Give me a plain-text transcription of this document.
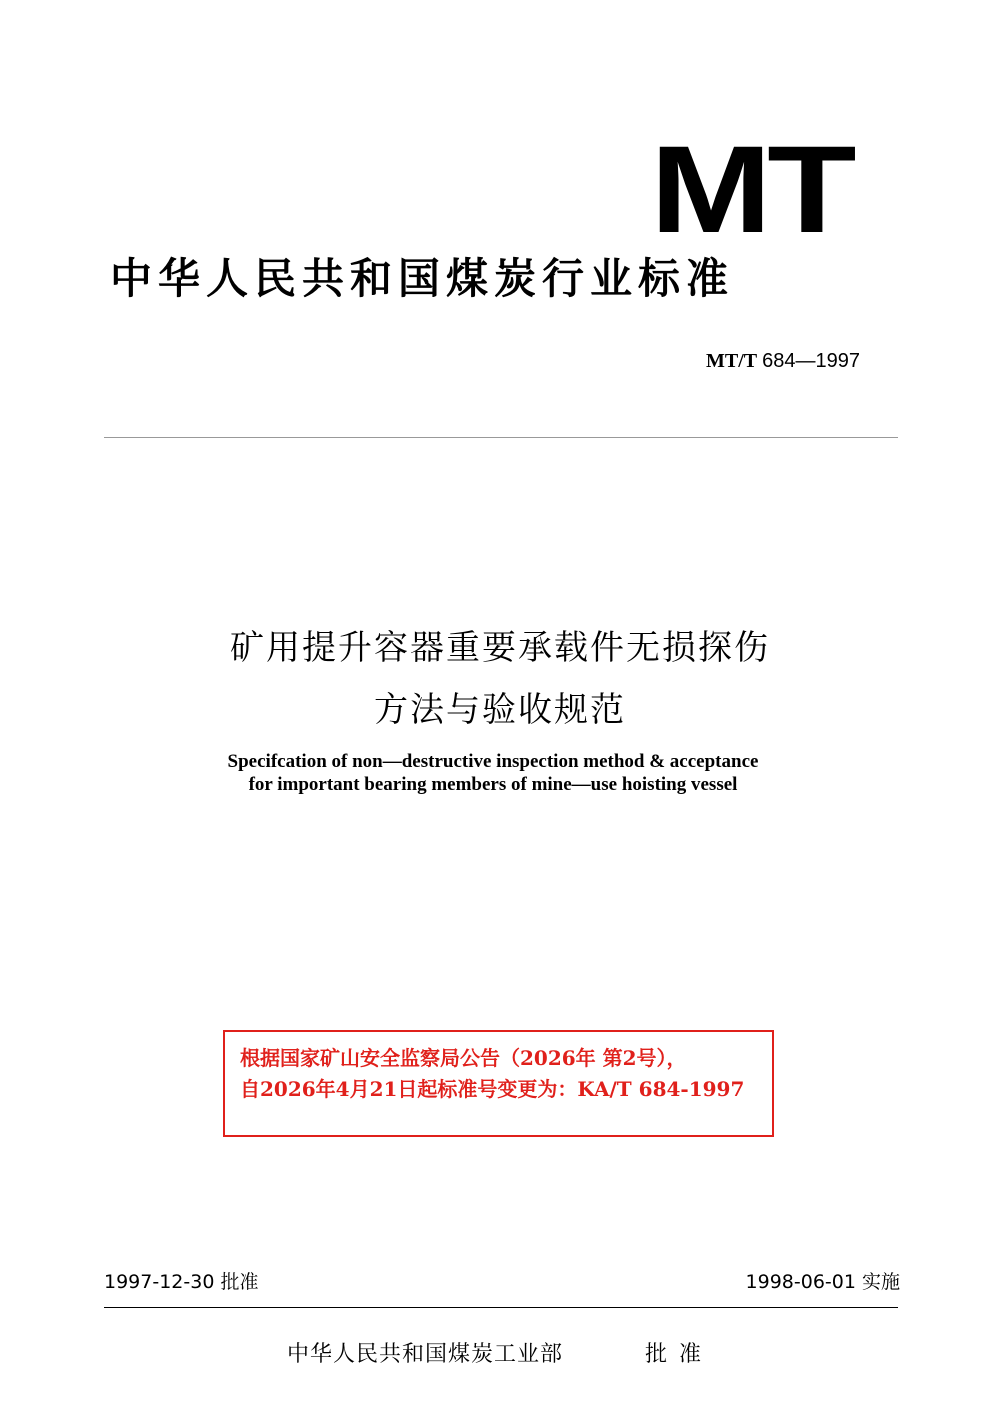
MT
中华人民共和国煤炭行业标准
MT/T 684—1997
矿用提升容器重要承载件无损探伤
方法与验收规范
Specifcation of non—destructive inspection method & acceptance
for important bearing members of mine—use hoisting vessel
根据国家矿山安全监察局公告（2026年 第2号），
自2026年4月21日起标准号变更为：KA/T 684-1997
1997-12-30 批准	1998-06-01 实施
中华人民共和国煤炭工业部	批准
